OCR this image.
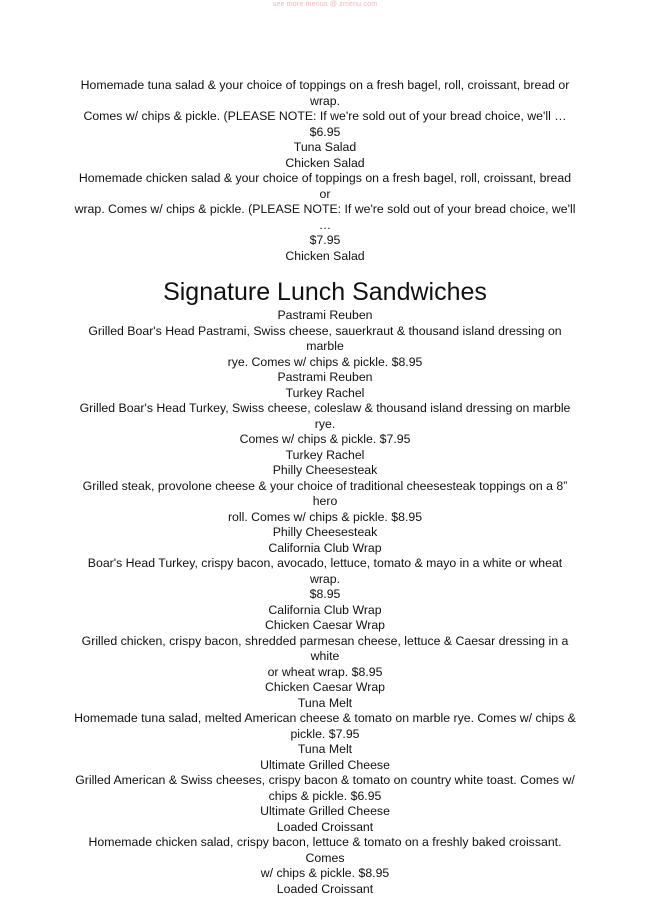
see more menus @ zmenu.com
Homemade tuna salad & your choice of toppings on a fresh bagel, roll, croissant, bread or wrap.
Comes w/ chips & pickle. (PLEASE NOTE: If we're sold out of your bread choice, we'll … $6.95
Tuna Salad
Chicken Salad
Homemade chicken salad & your choice of toppings on a fresh bagel, roll, croissant, bread or
wrap. Comes w/ chips & pickle. (PLEASE NOTE: If we're sold out of your bread choice, we'll …
$7.95
Chicken Salad
Signature Lunch Sandwiches
Pastrami Reuben
Grilled Boar's Head Pastrami, Swiss cheese, sauerkraut & thousand island dressing on marble
rye. Comes w/ chips & pickle. $8.95
Pastrami Reuben
Turkey Rachel
Grilled Boar's Head Turkey, Swiss cheese, coleslaw & thousand island dressing on marble rye.
Comes w/ chips & pickle. $7.95
Turkey Rachel
Philly Cheesesteak
Grilled steak, provolone cheese & your choice of traditional cheesesteak toppings on a 8” hero
roll. Comes w/ chips & pickle. $8.95
Philly Cheesesteak
California Club Wrap
Boar's Head Turkey, crispy bacon, avocado, lettuce, tomato & mayo in a white or wheat wrap.
$8.95
California Club Wrap
Chicken Caesar Wrap
Grilled chicken, crispy bacon, shredded parmesan cheese, lettuce & Caesar dressing in a white
or wheat wrap. $8.95
Chicken Caesar Wrap
Tuna Melt
Homemade tuna salad, melted American cheese & tomato on marble rye. Comes w/ chips &
pickle. $7.95
Tuna Melt
Ultimate Grilled Cheese
Grilled American & Swiss cheeses, crispy bacon & tomato on country white toast. Comes w/
chips & pickle. $6.95
Ultimate Grilled Cheese
Loaded Croissant
Homemade chicken salad, crispy bacon, lettuce & tomato on a freshly baked croissant. Comes
w/ chips & pickle. $8.95
Loaded Croissant
